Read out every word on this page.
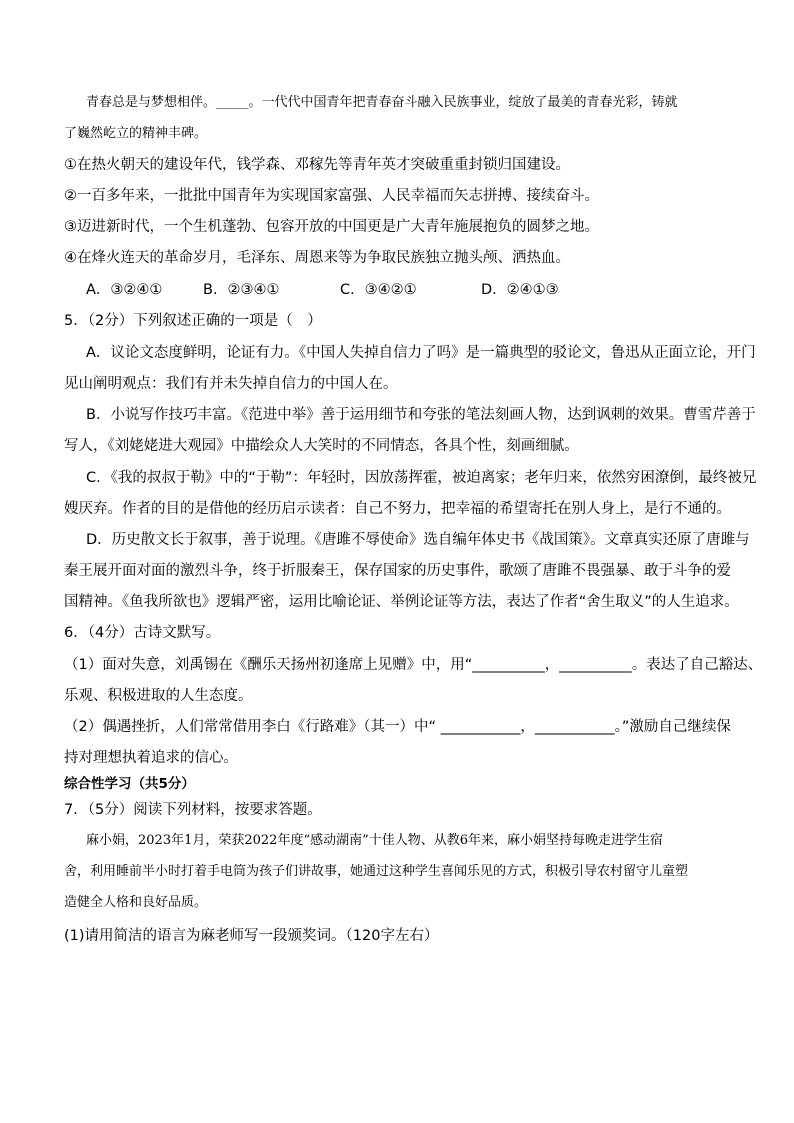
青春总是与梦想相伴。_____。一代代中国青年把青春奋斗融入民族事业，绽放了最美的青春光彩，铸就
了巍然屹立的精神丰碑。
①在热火朝天的建设年代，钱学森、邓稼先等青年英才突破重重封锁归国建设。
②一百多年来，一批批中国青年为实现国家富强、人民幸福而矢志拼搏、接续奋斗。
③迈进新时代，一个生机蓬勃、包容开放的中国更是广大青年施展抱负的圆梦之地。
④在烽火连天的革命岁月，毛泽东、周恩来等为争取民族独立抛头颅、洒热血。
A．③②④①	B．②③④①	C．③④②①	D．②④①③
5．（2分）下列叙述正确的一项是（　）
A．议论文态度鲜明，论证有力。《中国人失掉自信力了吗》是一篇典型的驳论文，鲁迅从正面立论，开门
见山阐明观点：我们有并未失掉自信力的中国人在。
B．小说写作技巧丰富。《范进中举》善于运用细节和夸张的笔法刻画人物，达到讽刺的效果。曹雪芹善于
写人，《刘姥姥进大观园》中描绘众人大笑时的不同情态，各具个性，刻画细腻。
C．《我的叔叔于勒》中的“于勒”：年轻时，因放荡挥霍，被迫离家；老年归来，依然穷困潦倒，最终被兄
嫂厌弃。作者的目的是借他的经历启示读者：自己不努力，把幸福的希望寄托在别人身上，是行不通的。
D．历史散文长于叙事，善于说理。《唐雎不辱使命》选自编年体史书《战国策》。文章真实还原了唐雎与
秦王展开面对面的激烈斗争，终于折服秦王，保存国家的历史事件，歌颂了唐雎不畏强暴、敢于斗争的爱
国精神。《鱼我所欲也》逻辑严密，运用比喻论证、举例论证等方法，表达了作者“舍生取义”的人生追求。
6．（4分）古诗文默写。
（1）面对失意，刘禹锡在《酬乐天扬州初逢席上见赠》中，用“__________，__________。表达了自己豁达、
乐观、积极进取的人生态度。
（2）偶遇挫折，人们常常借用李白《行路难》（其一）中“ ___________，___________。”激励自己继续保
持对理想执着追求的信心。
综合性学习（共5分）
7．（5分）阅读下列材料，按要求答题。
麻小娟，2023年1月，荣获2022年度“感动湖南”十佳人物、从教6年来，麻小娟坚持每晚走进学生宿
舍，利用睡前半小时打着手电筒为孩子们讲故事，她通过这种学生喜闻乐见的方式，积极引导农村留守儿童塑
造健全人格和良好品质。
(1)请用简洁的语言为麻老师写一段颁奖词。（120字左右）
